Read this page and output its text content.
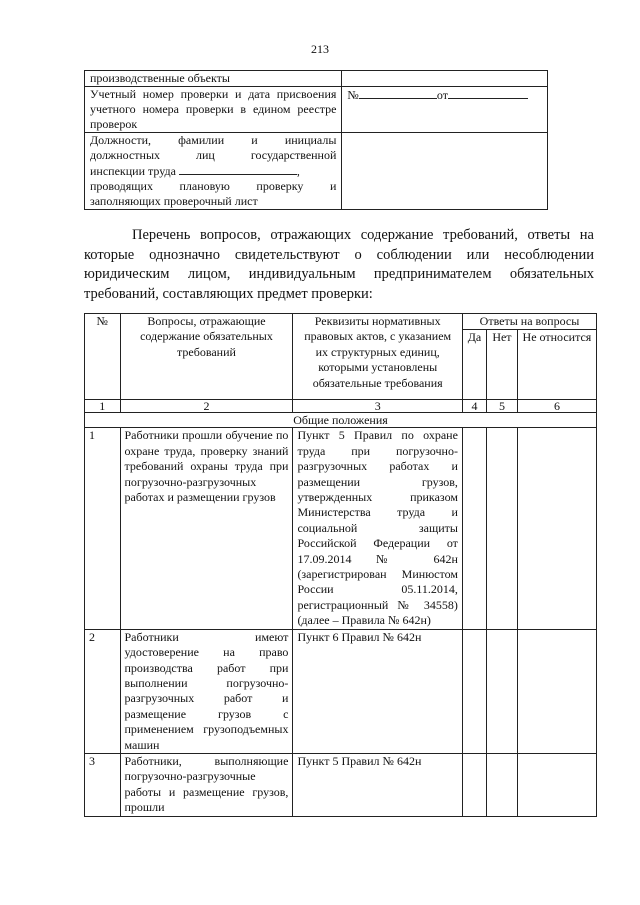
213
производственные объекты	
Учетный номер проверки и дата присвоения учетного номера проверки в едином реестре проверок	№ от

Должности, фамилии и инициалы
должностных лиц государственной
инспекции труда ,
проводящих плановую проверку и
заполняющих проверочный лист	

Перечень вопросов, отражающих содержание требований, ответы на которые однозначно свидетельствуют о соблюдении или несоблюдении юридическим лицом, индивидуальным предпринимателем обязательных требований, составляющих предмет проверки:

№	Вопросы, отражающие содержание обязательных требований	Реквизиты нормативных правовых актов, с указанием их структурных единиц, которыми установлены обязательные требования	Ответы на вопросы		
			Да	Нет	Не относится
1	2	3	4	5	6
Общие положения					
1	Работники прошли обучение по охране труда, проверку знаний требований охраны труда при погрузочно-разгрузочных работах и размещении грузов	Пункт 5 Правил по охране труда при погрузочно-разгрузочных работах и размещении грузов, утвержденных приказом Министерства труда и социальной защиты Российской Федерации от 17.09.2014 № 642н (зарегистрирован Минюстом России 05.11.2014, регистрационный № 34558) (далее – Правила № 642н)			
2	Работники имеют удостоверение на право производства работ при выполнении погрузочно-разгрузочных работ и размещение грузов с применением грузоподъемных машин	Пункт 6 Правил № 642н			
3	Работники, выполняющие погрузочно-разгрузочные работы и размещение грузов, прошли	Пункт 5 Правил № 642н			
